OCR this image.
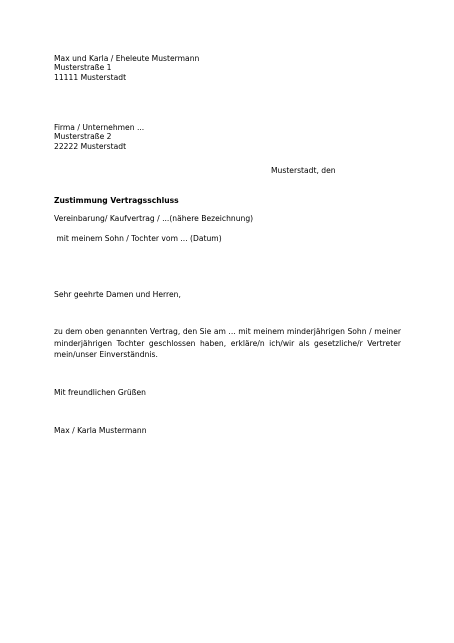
Max und Karla / Eheleute Mustermann
Musterstraße 1
11111 Musterstadt
Firma / Unternehmen ...
Musterstraße 2
22222 Musterstadt
Musterstadt, den
Zustimmung Vertragsschluss
Vereinbarung/ Kaufvertrag / ...(nähere Bezeichnung)
mit meinem Sohn / Tochter vom ... (Datum)
Sehr geehrte Damen und Herren,
zu dem oben genannten Vertrag, den Sie am ... mit meinem minderjährigen Sohn / meiner minderjährigen Tochter geschlossen haben, erkläre/n ich/wir als gesetzliche/r Vertreter mein/unser Einverständnis.
Mit freundlichen Grüßen
Max / Karla Mustermann
